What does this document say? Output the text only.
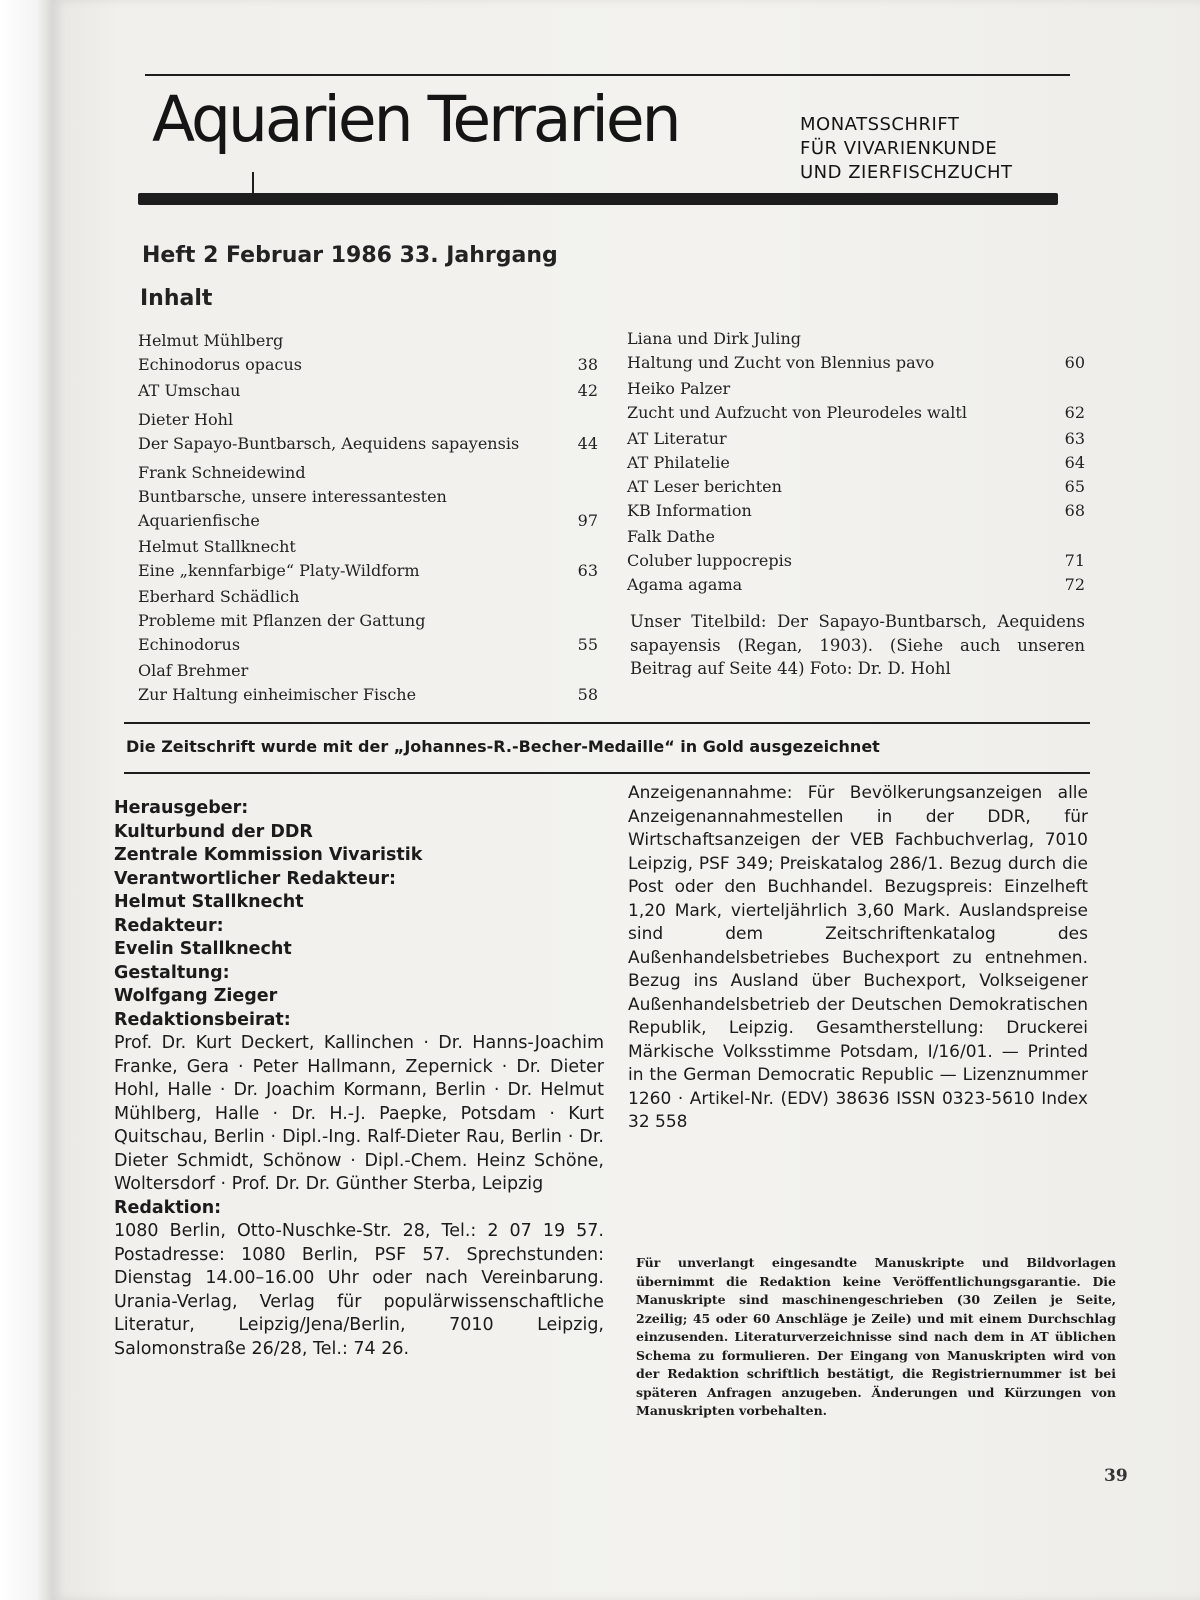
Aquarien Terrarien	MONATSSCHRIFT
FÜR VIVARIENKUNDE
UND ZIERFISCHZUCHT
Heft 2 Februar 1986 33. Jahrgang
Inhalt
Helmut Mühlberg
Echinodorus opacus	38
AT Umschau	42
Dieter Hohl
Der Sapayo-Buntbarsch, Aequidens sapayensis	44
Frank Schneidewind
Buntbarsche, unsere interessantesten
Aquarienfische	97
Helmut Stallknecht
Eine „kennfarbige“ Platy-Wildform	63
Eberhard Schädlich
Probleme mit Pflanzen der Gattung
Echinodorus	55
Olaf Brehmer
Zur Haltung einheimischer Fische	58
Liana und Dirk Juling
Haltung und Zucht von Blennius pavo	60
Heiko Palzer
Zucht und Aufzucht von Pleurodeles waltl	62
AT Literatur	63
AT Philatelie	64
AT Leser berichten	65
KB Information	68
Falk Dathe
Coluber luppocrepis	71
Agama agama	72
Unser Titelbild: Der Sapayo-Buntbarsch, Aequidens sapayensis (Regan, 1903). (Siehe auch unseren Beitrag auf Seite 44) Foto: Dr. D. Hohl
Die Zeitschrift wurde mit der „Johannes-R.-Becher-Medaille“ in Gold ausgezeichnet
Herausgeber:
Kulturbund der DDR
Zentrale Kommission Vivaristik
Verantwortlicher Redakteur:
Helmut Stallknecht
Redakteur:
Evelin Stallknecht
Gestaltung:
Wolfgang Zieger
Redaktionsbeirat:
Prof. Dr. Kurt Deckert, Kallinchen · Dr. Hanns-Joachim Franke, Gera · Peter Hallmann, Zepernick · Dr. Dieter Hohl, Halle · Dr. Joachim Kormann, Berlin · Dr. Helmut Mühlberg, Halle · Dr. H.-J. Paepke, Potsdam · Kurt Quitschau, Berlin · Dipl.-Ing. Ralf-Dieter Rau, Berlin · Dr. Dieter Schmidt, Schönow · Dipl.-Chem. Heinz Schöne, Woltersdorf · Prof. Dr. Dr. Günther Sterba, Leipzig
Redaktion:
1080 Berlin, Otto-Nuschke-Str. 28, Tel.: 2 07 19 57. Postadresse: 1080 Berlin, PSF 57. Sprechstunden: Dienstag 14.00–16.00 Uhr oder nach Vereinbarung. Urania-Verlag, Verlag für populärwissenschaftliche Literatur, Leipzig/Jena/Berlin, 7010 Leipzig, Salomonstraße 26/28, Tel.: 74 26.
Anzeigenannahme: Für Bevölkerungsanzeigen alle Anzeigenannahmestellen in der DDR, für Wirtschaftsanzeigen der VEB Fachbuchverlag, 7010 Leipzig, PSF 349; Preiskatalog 286/1. Bezug durch die Post oder den Buchhandel. Bezugspreis: Einzelheft 1,20 Mark, vierteljährlich 3,60 Mark. Auslandspreise sind dem Zeitschriftenkatalog des Außenhandelsbetriebes Buchexport zu entnehmen. Bezug ins Ausland über Buchexport, Volkseigener Außenhandelsbetrieb der Deutschen Demokratischen Republik, Leipzig. Gesamtherstellung: Druckerei Märkische Volksstimme Potsdam, I/16/01. — Printed in the German Democratic Republic — Lizenznummer 1260 · Artikel-Nr. (EDV) 38636 ISSN 0323-5610 Index 32 558
Für unverlangt eingesandte Manuskripte und Bildvorlagen übernimmt die Redaktion keine Veröffentlichungsgarantie. Die Manuskripte sind maschinengeschrieben (30 Zeilen je Seite, 2zeilig; 45 oder 60 Anschläge je Zeile) und mit einem Durchschlag einzusenden. Literaturverzeichnisse sind nach dem in AT üblichen Schema zu formulieren. Der Eingang von Manuskripten wird von der Redaktion schriftlich bestätigt, die Registriernummer ist bei späteren Anfragen anzugeben. Änderungen und Kürzungen von Manuskripten vorbehalten.
39
